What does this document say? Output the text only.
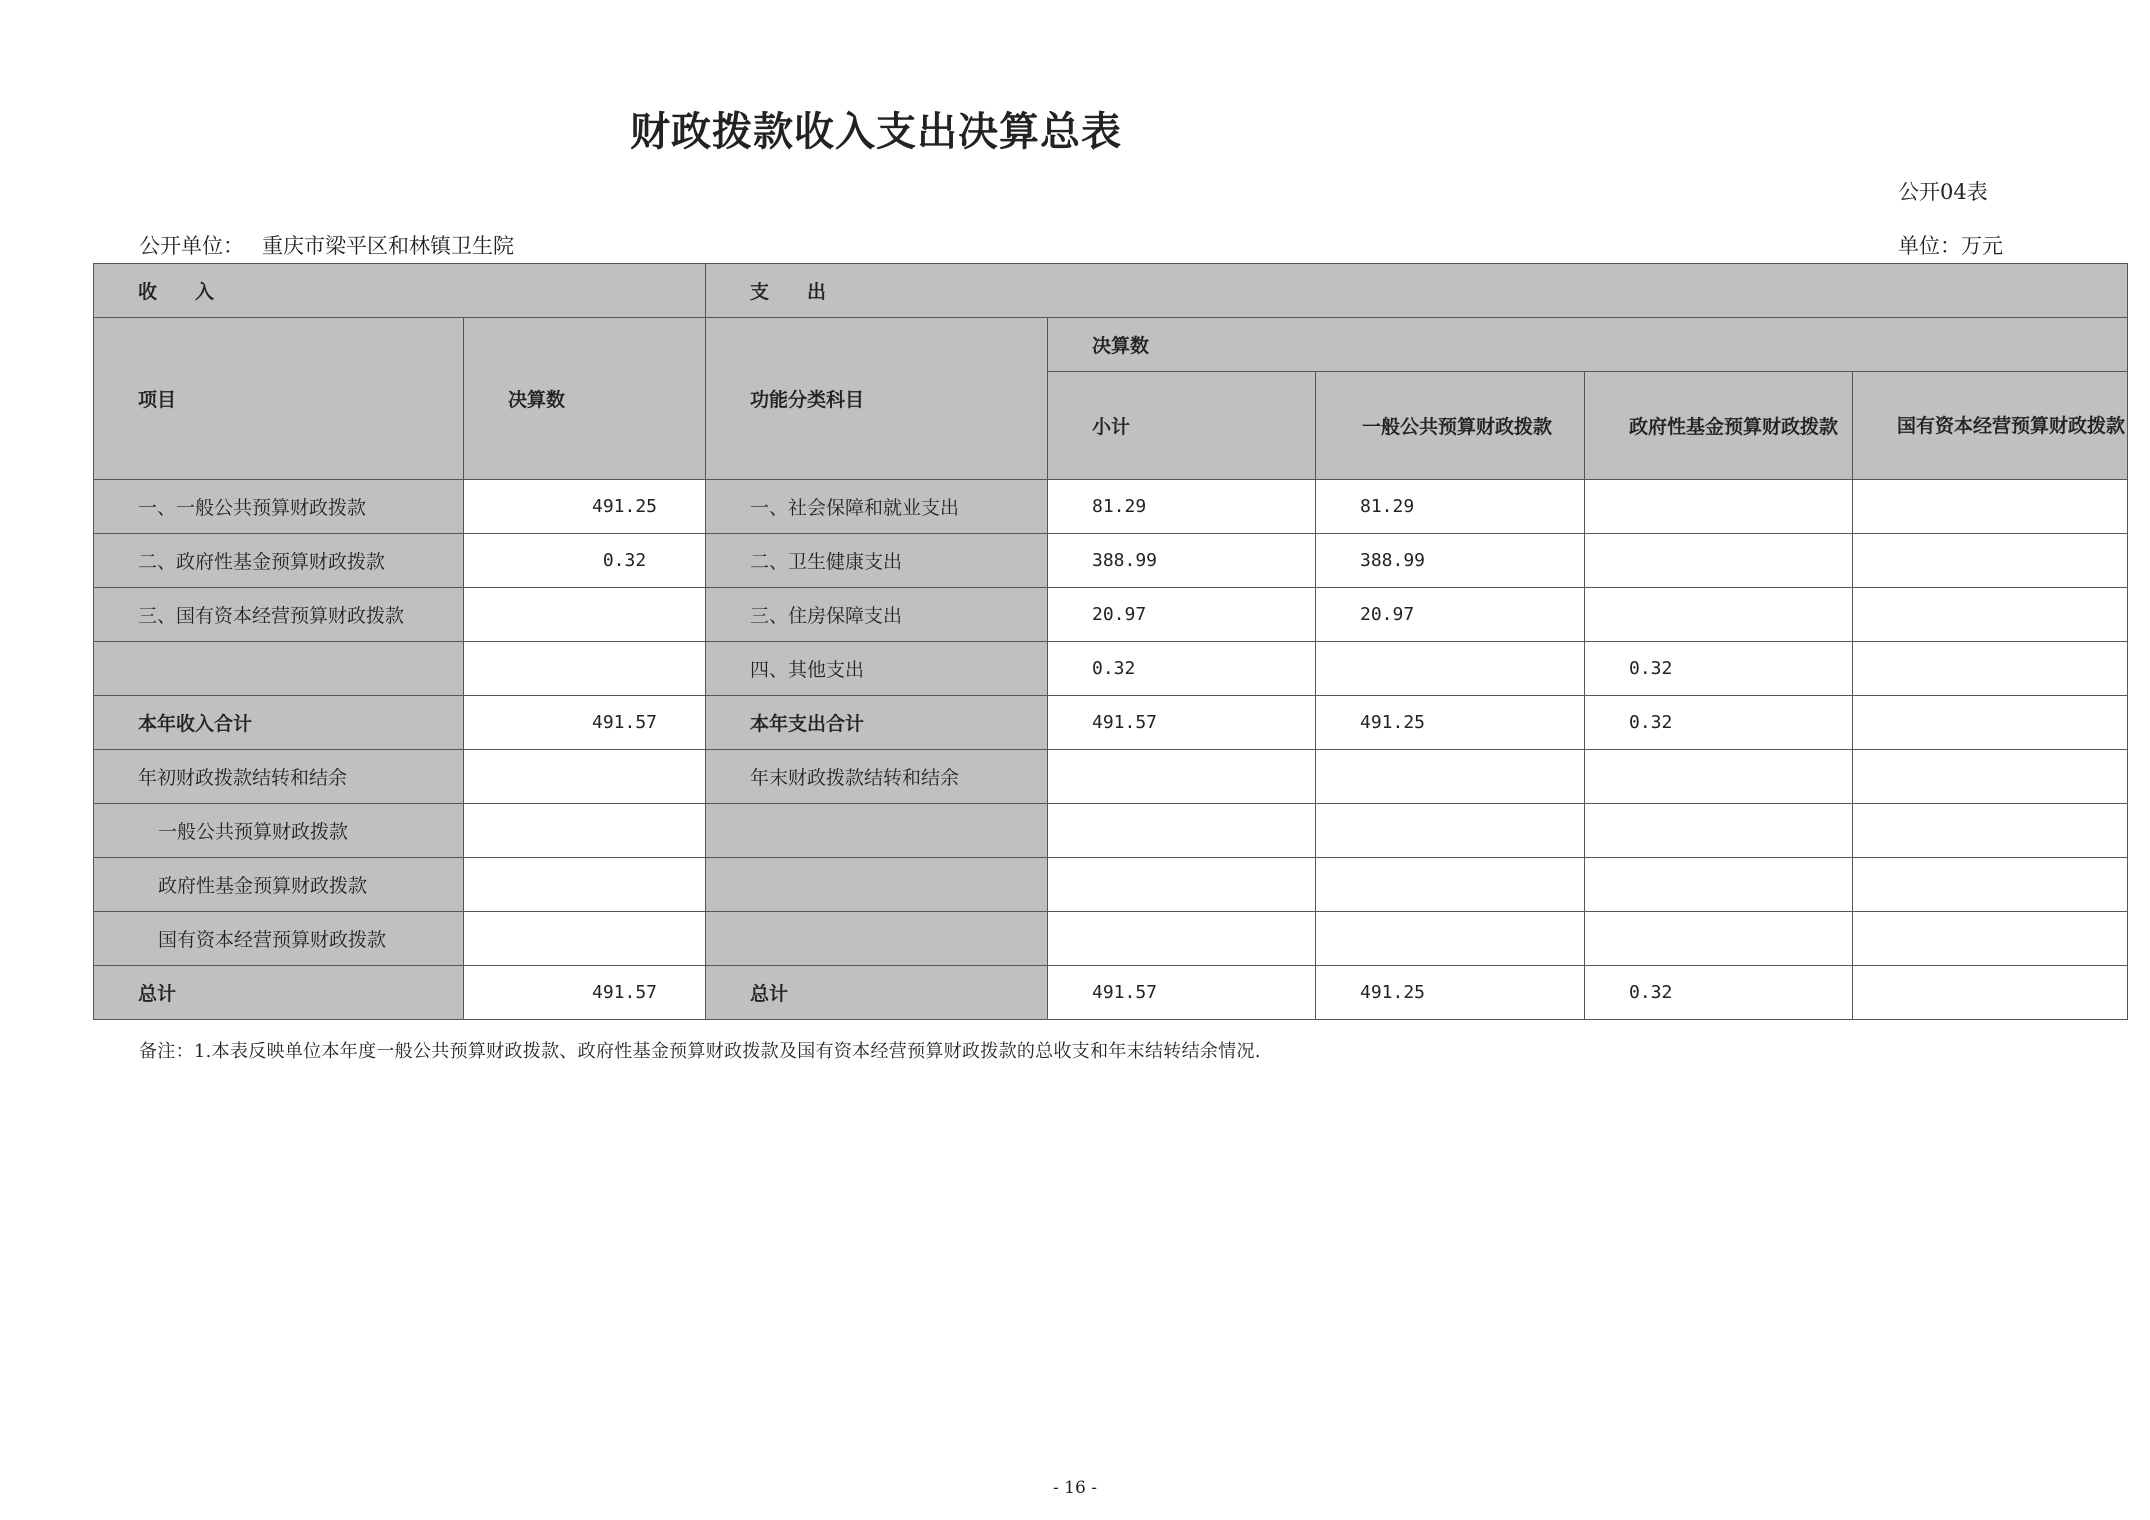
财政拨款收入支出决算总表
公开04表
公开单位： 重庆市梁平区和林镇卫生院	单位：万元
收　　入		支　　出				
项目	决算数	功能分类科目	决算数			
			小计	一般公共预算财政拨款	政府性基金预算财政拨款	国有资本经营预算财政拨款
一、一般公共预算财政拨款	491.25	一、社会保障和就业支出	81.29	81.29		
二、政府性基金预算财政拨款	0.32	二、卫生健康支出	388.99	388.99		
三、国有资本经营预算财政拨款		三、住房保障支出	20.97	20.97		
		四、其他支出	0.32		0.32	
本年收入合计	491.57	本年支出合计	491.57	491.25	0.32	
年初财政拨款结转和结余		年末财政拨款结转和结余				
一般公共预算财政拨款						
政府性基金预算财政拨款						
国有资本经营预算财政拨款						
总计	491.57	总计	491.57	491.25	0.32	
备注：1.本表反映单位本年度一般公共预算财政拨款、政府性基金预算财政拨款及国有资本经营预算财政拨款的总收支和年末结转结余情况.
- 16 -
